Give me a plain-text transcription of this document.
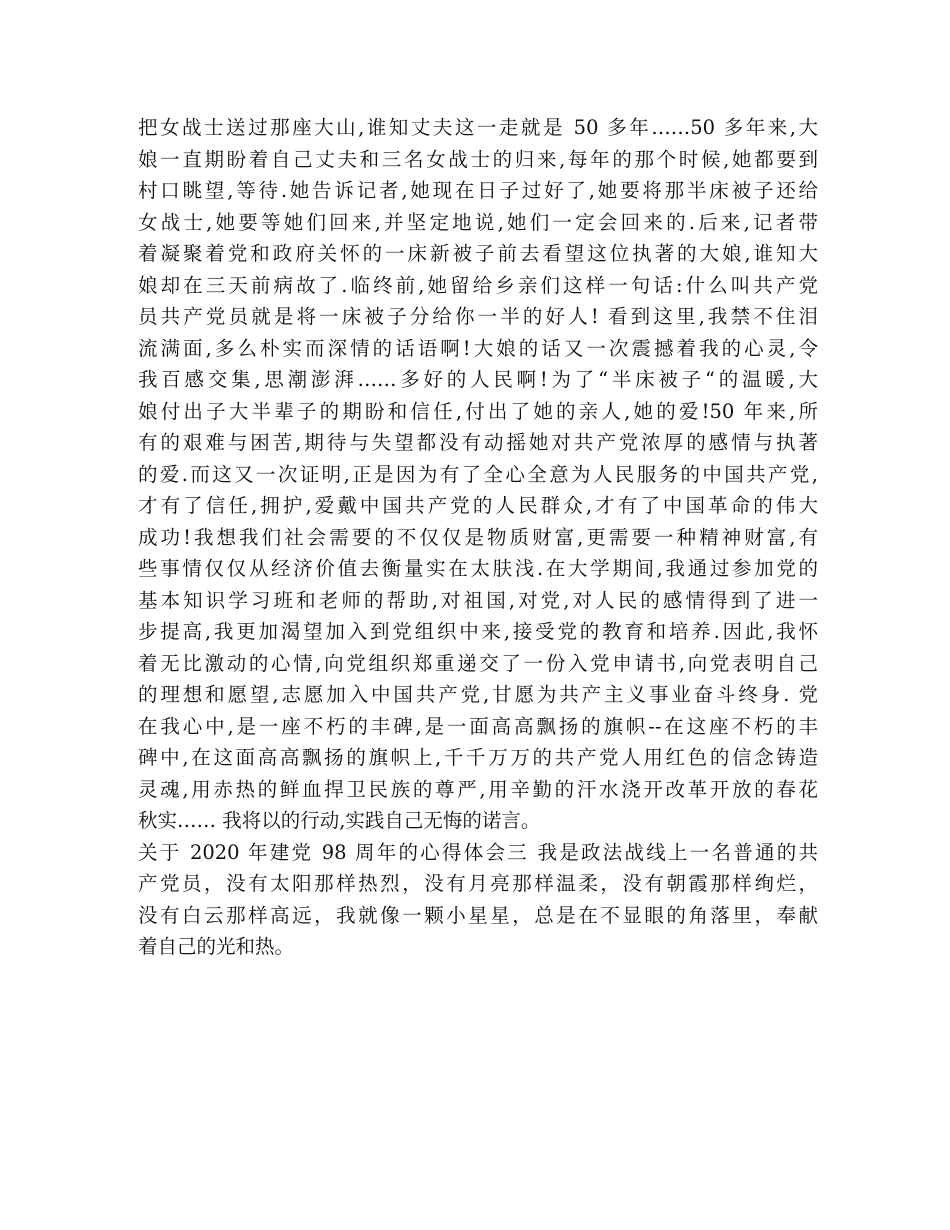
把女战士送过那座大山,谁知丈夫这一走就是 50 多年……50 多年来,大
娘一直期盼着自己丈夫和三名女战士的归来,每年的那个时候,她都要到
村口眺望,等待.她告诉记者,她现在日子过好了,她要将那半床被子还给
女战士,她要等她们回来,并坚定地说,她们一定会回来的.后来,记者带
着凝聚着党和政府关怀的一床新被子前去看望这位执著的大娘,谁知大
娘却在三天前病故了.临终前,她留给乡亲们这样一句话:什么叫共产党
员共产党员就是将一床被子分给你一半的好人! 看到这里,我禁不住泪
流满面,多么朴实而深情的话语啊!大娘的话又一次震撼着我的心灵,令
我百感交集,思潮澎湃……多好的人民啊!为了“半床被子“的温暖,大
娘付出子大半辈子的期盼和信任,付出了她的亲人,她的爱!50 年来,所
有的艰难与困苦,期待与失望都没有动摇她对共产党浓厚的感情与执著
的爱.而这又一次证明,正是因为有了全心全意为人民服务的中国共产党,
才有了信任,拥护,爱戴中国共产党的人民群众,才有了中国革命的伟大
成功!我想我们社会需要的不仅仅是物质财富,更需要一种精神财富,有
些事情仅仅从经济价值去衡量实在太肤浅.在大学期间,我通过参加党的
基本知识学习班和老师的帮助,对祖国,对党,对人民的感情得到了进一
步提高,我更加渴望加入到党组织中来,接受党的教育和培养.因此,我怀
着无比激动的心情,向党组织郑重递交了一份入党申请书,向党表明自己
的理想和愿望,志愿加入中国共产党,甘愿为共产主义事业奋斗终身. 党
在我心中,是一座不朽的丰碑,是一面高高飘扬的旗帜--在这座不朽的丰
碑中,在这面高高飘扬的旗帜上,千千万万的共产党人用红色的信念铸造
灵魂,用赤热的鲜血捍卫民族的尊严,用辛勤的汗水浇开改革开放的春花
秋实…… 我将以的行动,实践自己无悔的诺言。
关于 2020 年建党 98 周年的心得体会三 我是政法战线上一名普通的共
产党员，没有太阳那样热烈，没有月亮那样温柔，没有朝霞那样绚烂，
没有白云那样高远，我就像一颗小星星，总是在不显眼的角落里，奉献
着自己的光和热。
